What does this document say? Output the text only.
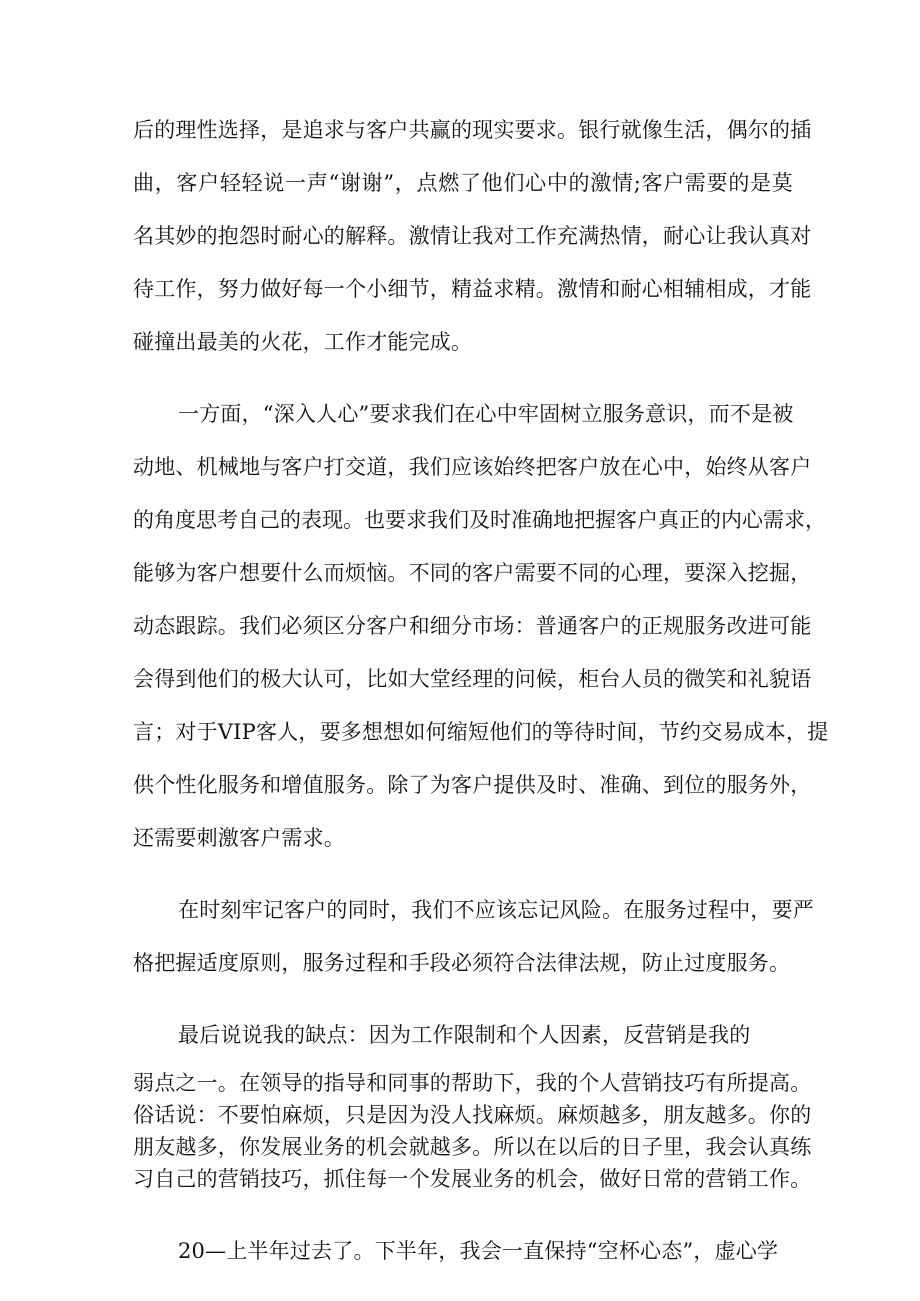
后的理性选择，是追求与客户共赢的现实要求。银行就像生活，偶尔的插
曲，客户轻轻说一声“谢谢”，点燃了他们心中的激情;客户需要的是莫
名其妙的抱怨时耐心的解释。激情让我对工作充满热情，耐心让我认真对
待工作，努力做好每一个小细节，精益求精。激情和耐心相辅相成，才能
碰撞出最美的火花，工作才能完成。
一方面，“深入人心”要求我们在心中牢固树立服务意识，而不是被
动地、机械地与客户打交道，我们应该始终把客户放在心中，始终从客户
的角度思考自己的表现。也要求我们及时准确地把握客户真正的内心需求，
能够为客户想要什么而烦恼。不同的客户需要不同的心理，要深入挖掘，
动态跟踪。我们必须区分客户和细分市场：普通客户的正规服务改进可能
会得到他们的极大认可，比如大堂经理的问候，柜台人员的微笑和礼貌语
言；对于VIP客人，要多想想如何缩短他们的等待时间，节约交易成本，提
供个性化服务和增值服务。除了为客户提供及时、准确、到位的服务外，
还需要刺激客户需求。
在时刻牢记客户的同时，我们不应该忘记风险。在服务过程中，要严
格把握适度原则，服务过程和手段必须符合法律法规，防止过度服务。
最后说说我的缺点：因为工作限制和个人因素，反营销是我的
弱点之一。在领导的指导和同事的帮助下，我的个人营销技巧有所提高。
俗话说：不要怕麻烦，只是因为没人找麻烦。麻烦越多，朋友越多。你的
朋友越多，你发展业务的机会就越多。所以在以后的日子里，我会认真练
习自己的营销技巧，抓住每一个发展业务的机会，做好日常的营销工作。
20—上半年过去了。下半年，我会一直保持“空杯心态”，虚心学
